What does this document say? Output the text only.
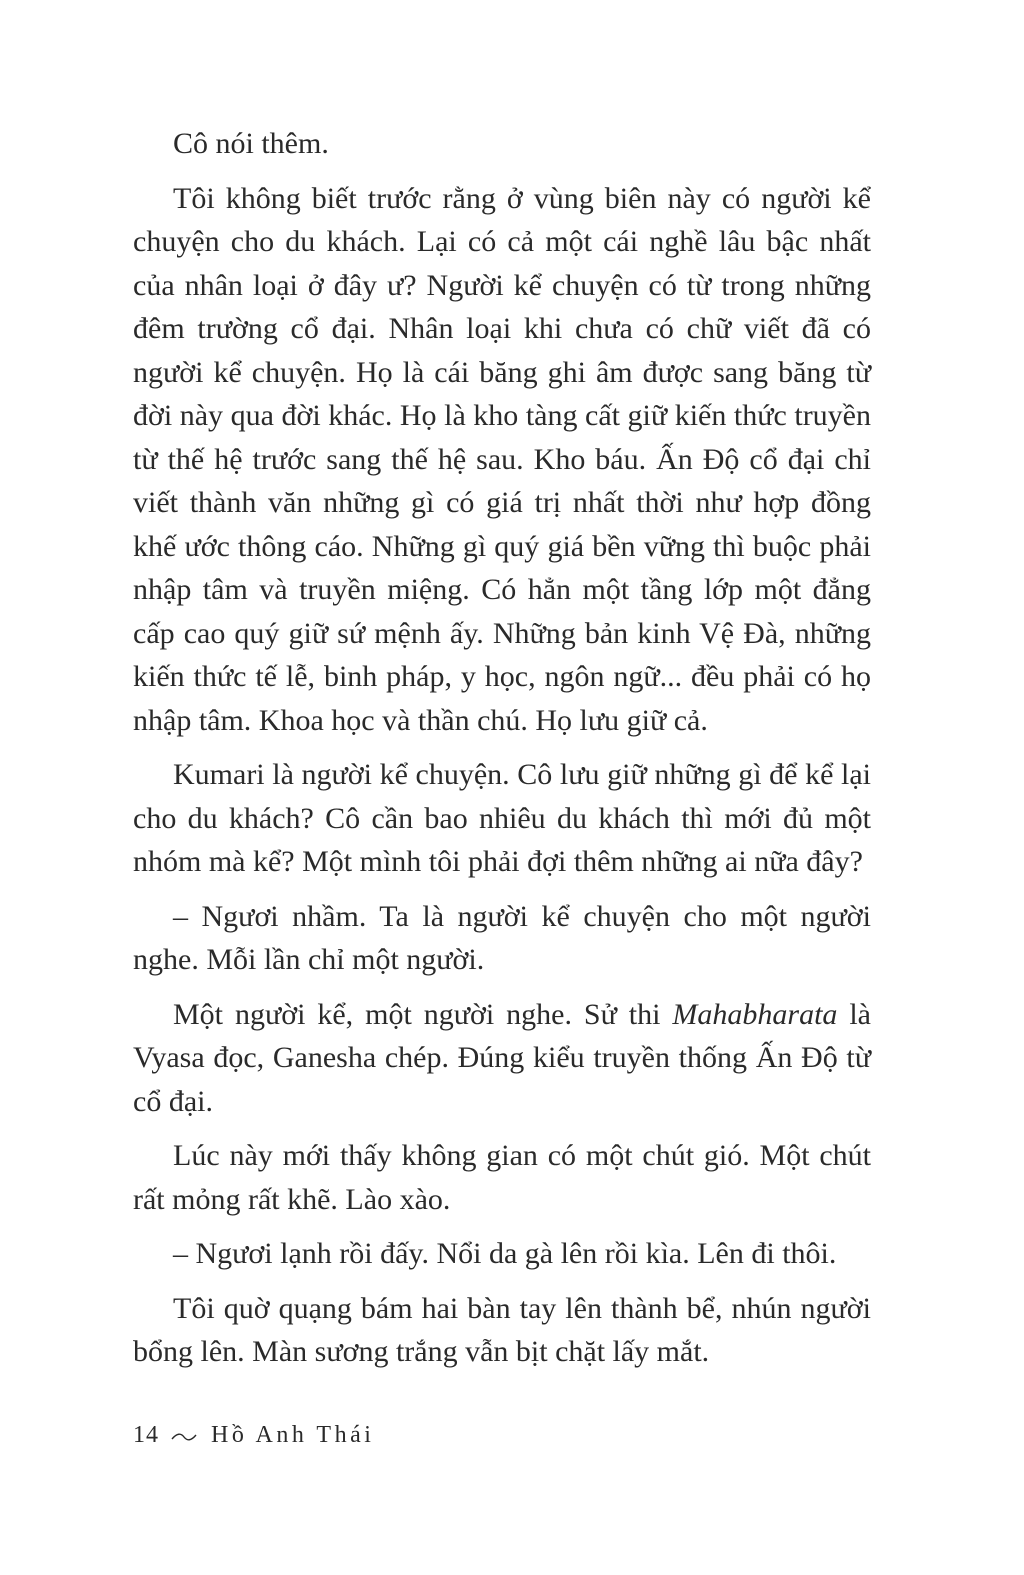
Cô nói thêm.

Tôi không biết trước rằng ở vùng biên này có người kể chuyện cho du khách. Lại có cả một cái nghề lâu bậc nhất của nhân loại ở đây ư? Người kể chuyện có từ trong những đêm trường cổ đại. Nhân loại khi chưa có chữ viết đã có người kể chuyện. Họ là cái băng ghi âm được sang băng từ đời này qua đời khác. Họ là kho tàng cất giữ kiến thức truyền từ thế hệ trước sang thế hệ sau. Kho báu. Ấn Độ cổ đại chỉ viết thành văn những gì có giá trị nhất thời như hợp đồng khế ước thông cáo. Những gì quý giá bền vững thì buộc phải nhập tâm và truyền miệng. Có hẳn một tầng lớp một đẳng cấp cao quý giữ sứ mệnh ấy. Những bản kinh Vệ Đà, những kiến thức tế lễ, binh pháp, y học, ngôn ngữ... đều phải có họ nhập tâm. Khoa học và thần chú. Họ lưu giữ cả.

Kumari là người kể chuyện. Cô lưu giữ những gì để kể lại cho du khách? Cô cần bao nhiêu du khách thì mới đủ một nhóm mà kể? Một mình tôi phải đợi thêm những ai nữa đây?

– Ngươi nhầm. Ta là người kể chuyện cho một người nghe. Mỗi lần chỉ một người.

Một người kể, một người nghe. Sử thi Mahabharata là Vyasa đọc, Ganesha chép. Đúng kiểu truyền thống Ấn Độ từ cổ đại.

Lúc này mới thấy không gian có một chút gió. Một chút rất mỏng rất khẽ. Lào xào.

– Ngươi lạnh rồi đấy. Nổi da gà lên rồi kìa. Lên đi thôi.

Tôi quờ quạng bám hai bàn tay lên thành bể, nhún người bổng lên. Màn sương trắng vẫn bịt chặt lấy mắt.

14 Hồ Anh Thái
